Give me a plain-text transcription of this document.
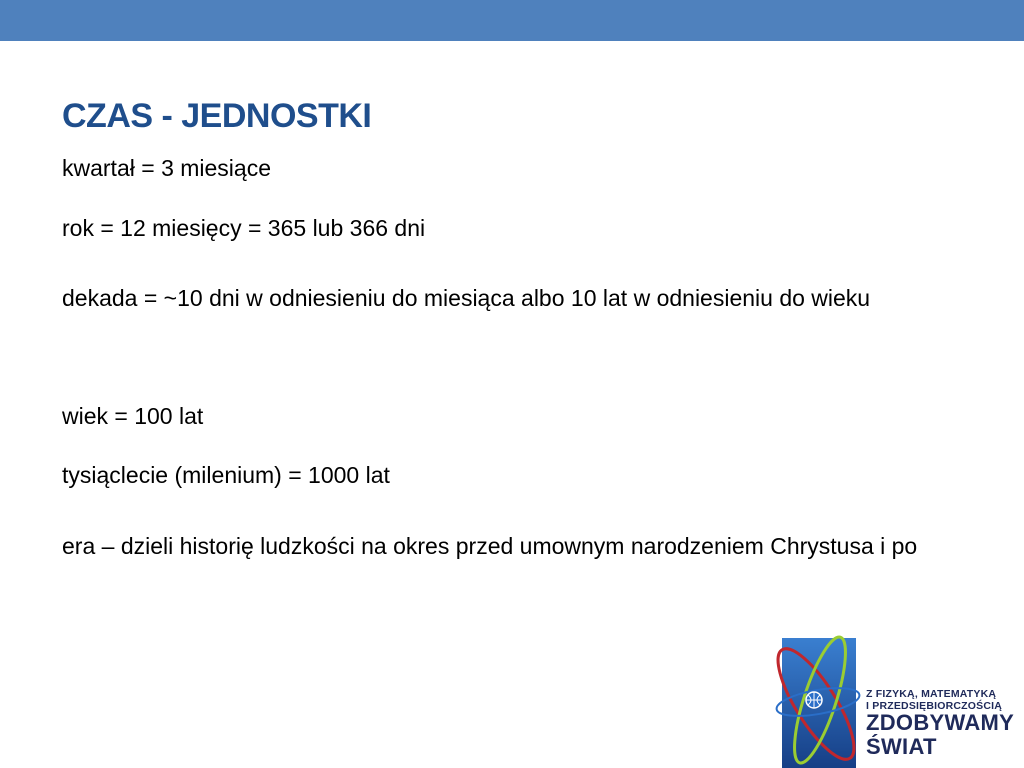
CZAS - JEDNOSTKI

kwartał = 3 miesiące

rok = 12 miesięcy = 365 lub 366 dni

dekada = ~10 dni w odniesieniu do miesiąca albo 10 lat w odniesieniu do wieku

wiek = 100 lat

tysiąclecie (milenium) = 1000 lat

era – dzieli historię ludzkości na okres przed umownym narodzeniem Chrystusa i po

Z FIZYKĄ, MATEMATYKĄ
I PRZEDSIĘBIORCZOŚCIĄ
ZDOBYWAMY
ŚWIAT
